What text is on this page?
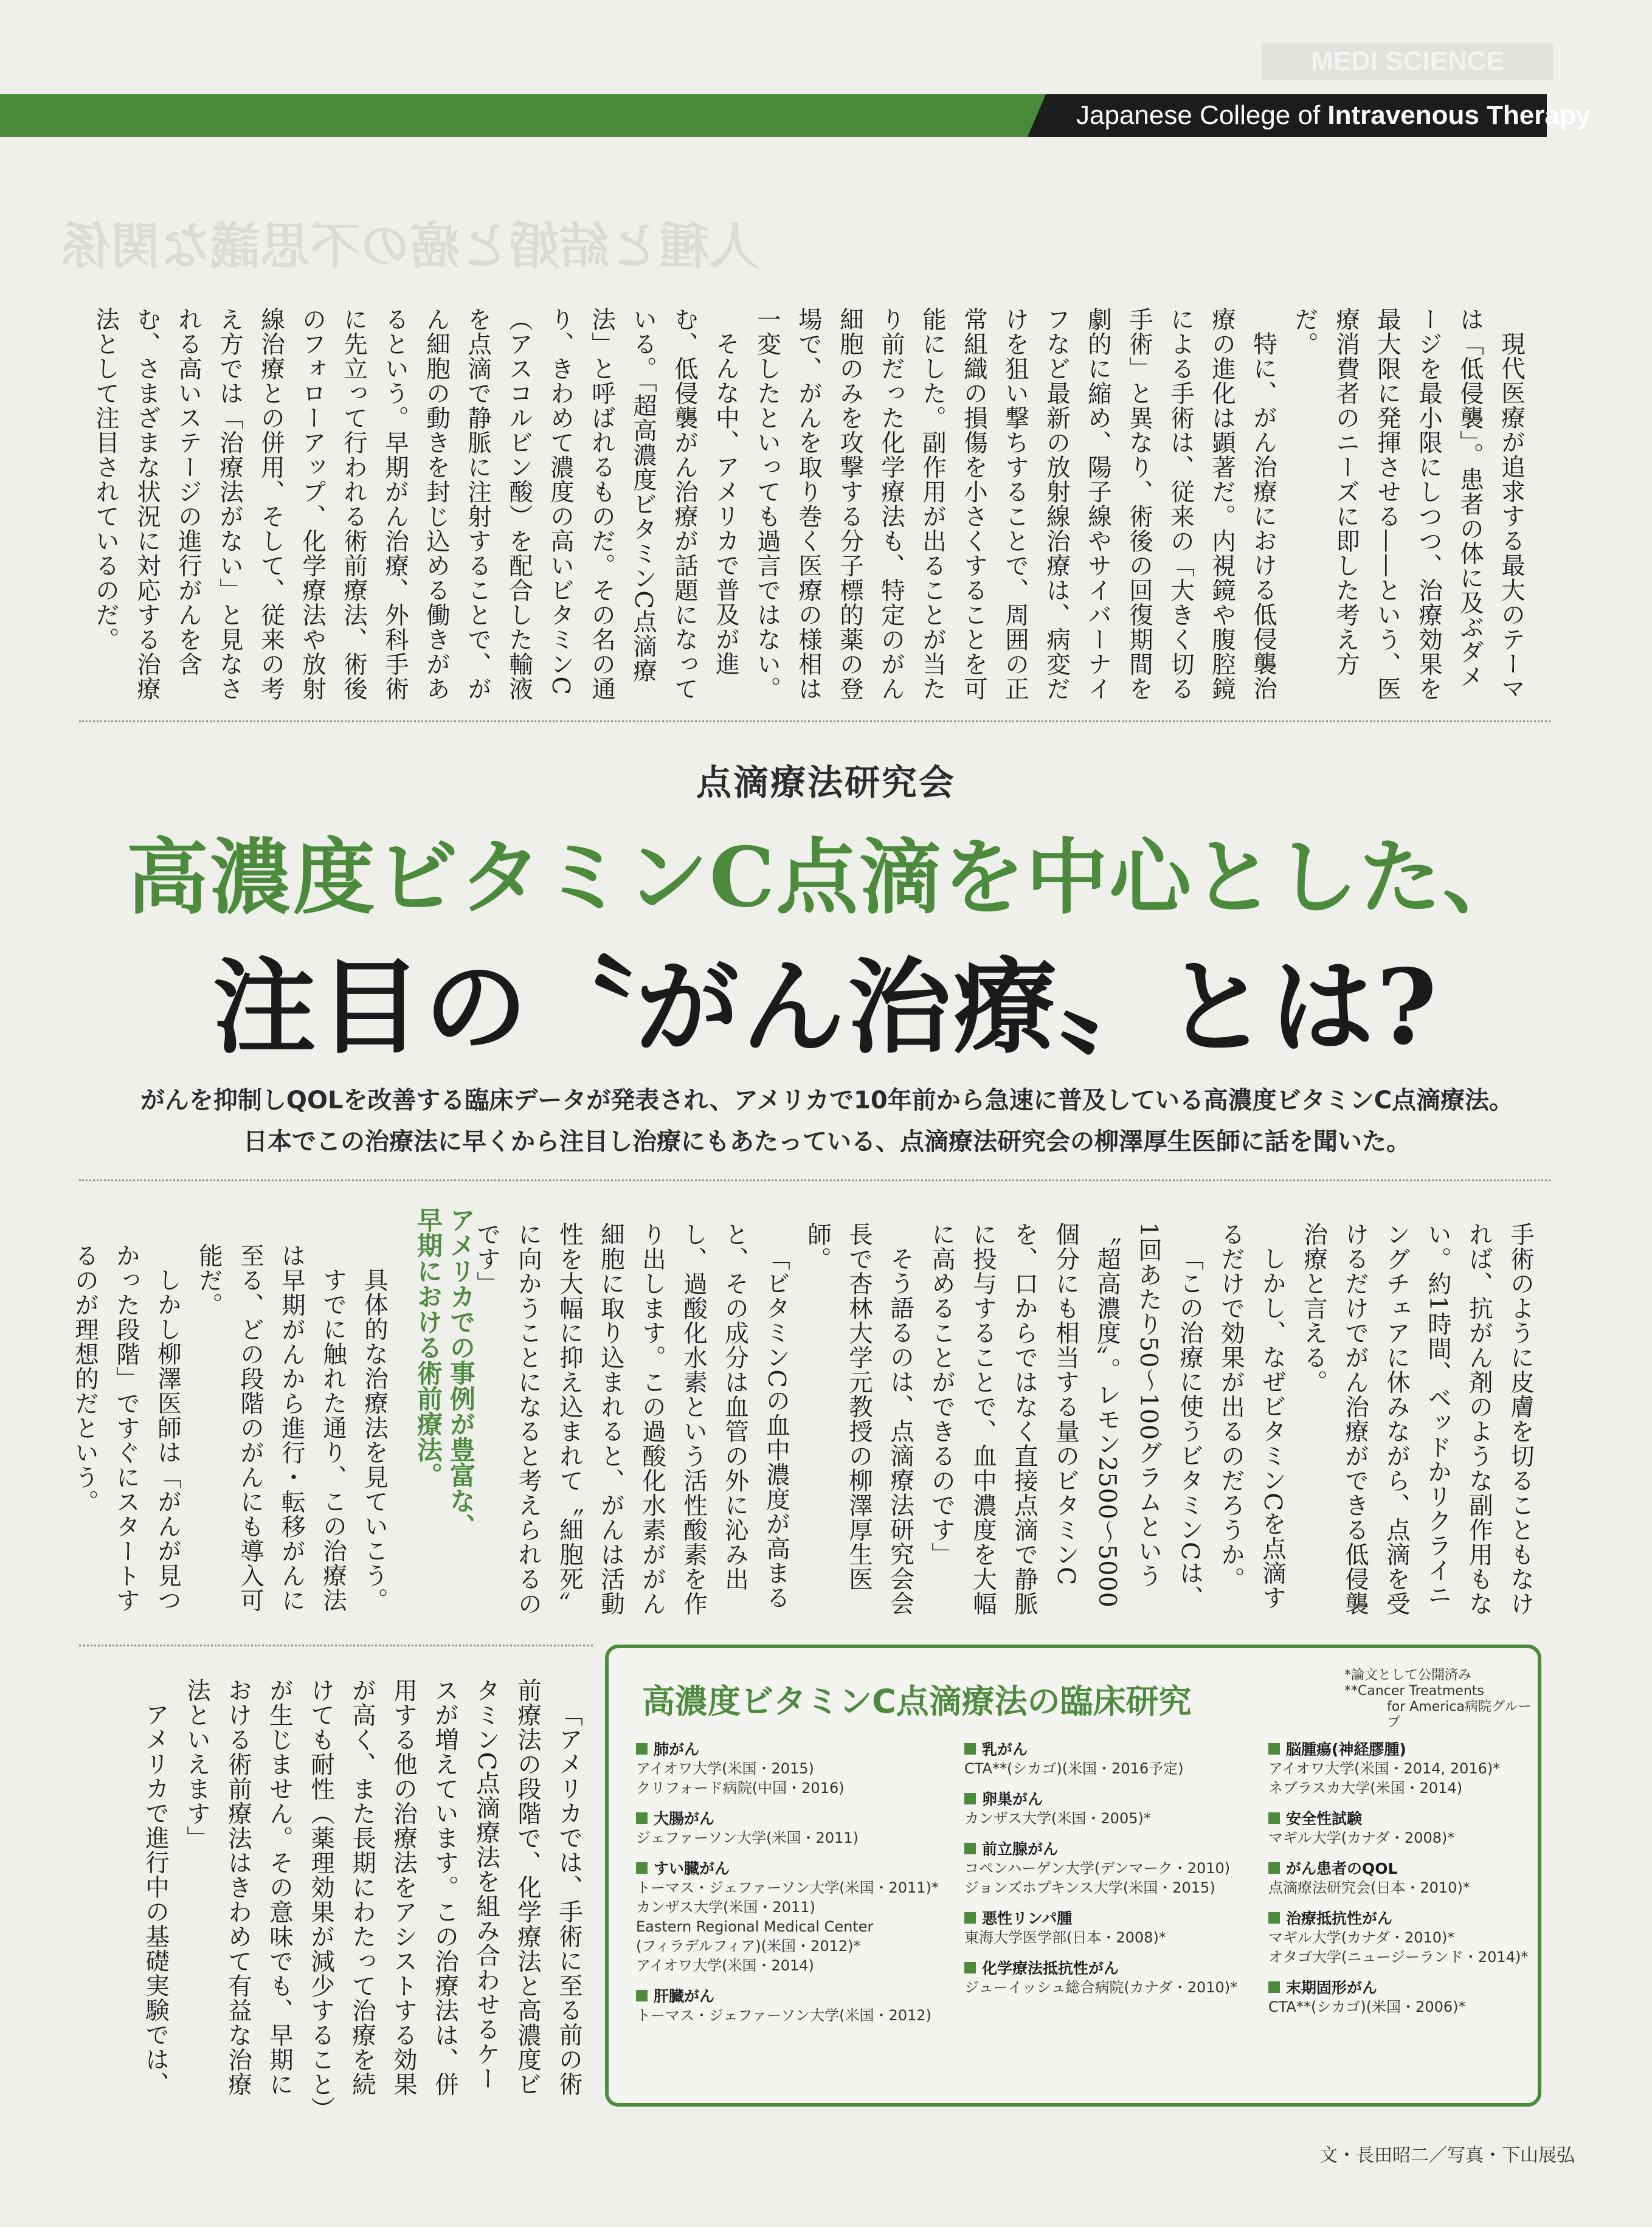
人種と結婚と癌の不思議な関係
MEDI SCIENCE
Japanese College of Intravenous Therapy

現代医療が追求する最大のテーマは「低侵襲」。患者の体に及ぶダメージを最小限にしつつ、治療効果を最大限に発揮させる——という、医療消費者のニーズに即した考え方だ。

特に、がん治療における低侵襲治療の進化は顕著だ。内視鏡や腹腔鏡による手術は、従来の「大きく切る手術」と異なり、術後の回復期間を劇的に縮め、陽子線やサイバーナイフなど最新の放射線治療は、病変だけを狙い撃ちすることで、周囲の正常組織の損傷を小さくすることを可能にした。副作用が出ることが当たり前だった化学療法も、特定のがん細胞のみを攻撃する分子標的薬の登場で、がんを取り巻く医療の様相は一変したといっても過言ではない。

そんな中、アメリカで普及が進む、低侵襲がん治療が話題になっている。「超高濃度ビタミンC点滴療法」と呼ばれるものだ。その名の通り、きわめて濃度の高いビタミンC（アスコルビン酸）を配合した輸液を点滴で静脈に注射することで、がん細胞の動きを封じ込める働きがあるという。早期がん治療、外科手術に先立って行われる術前療法、術後のフォローアップ、化学療法や放射線治療との併用、そして、従来の考え方では「治療法がない」と見なされる高いステージの進行がんを含む、さまざまな状況に対応する治療法として注目されているのだ。

点滴療法研究会
高濃度ビタミンC点滴を中心とした、
注目の〝がん治療〟とは?
がんを抑制しQOLを改善する臨床データが発表され、アメリカで10年前から急速に普及している高濃度ビタミンC点滴療法。
日本でこの治療法に早くから注目し治療にもあたっている、点滴療法研究会の柳澤厚生医師に話を聞いた。

手術のように皮膚を切ることもなければ、抗がん剤のような副作用もない。約1時間、ベッドかリクライニングチェアに休みながら、点滴を受けるだけでがん治療ができる低侵襲治療と言える。

しかし、なぜビタミンCを点滴するだけで効果が出るのだろうか。

「この治療に使うビタミンCは、1回あたり50～100グラムという〝超高濃度〟。レモン2500～5000個分にも相当する量のビタミンCを、口からではなく直接点滴で静脈に投与することで、血中濃度を大幅に高めることができるのです」

そう語るのは、点滴療法研究会会長で杏林大学元教授の柳澤厚生医師。

「ビタミンCの血中濃度が高まると、その成分は血管の外に沁み出し、過酸化水素という活性酸素を作り出します。この過酸化水素ががん細胞に取り込まれると、がんは活動性を大幅に抑え込まれて〝細胞死〟に向かうことになると考えられるのです」

アメリカでの事例が豊富な、
早期における術前療法。

具体的な治療法を見ていこう。

すでに触れた通り、この治療法は早期がんから進行・転移がんに至る、どの段階のがんにも導入可能だ。

しかし柳澤医師は「がんが見つかった段階」ですぐにスタートするのが理想的だという。

「アメリカでは、手術に至る前の術前療法の段階で、化学療法と高濃度ビタミンC点滴療法を組み合わせるケースが増えています。この治療法は、併用する他の治療法をアシストする効果が高く、また長期にわたって治療を続けても耐性（薬理効果が減少すること）が生じません。その意味でも、早期における術前療法はきわめて有益な治療法といえます」

アメリカで進行中の基礎実験では、

高濃度ビタミンC点滴療法の臨床研究
*論文として公開済み
**Cancer Treatments
for America病院グループ
肺がん
アイオワ大学(米国・2015)
クリフォード病院(中国・2016)
大腸がん
ジェファーソン大学(米国・2011)
すい臓がん
トーマス・ジェファーソン大学(米国・2011)*
カンザス大学(米国・2011)
Eastern Regional Medical Center
(フィラデルフィア)(米国・2012)*
アイオワ大学(米国・2014)
肝臓がん
トーマス・ジェファーソン大学(米国・2012)
乳がん
CTA**(シカゴ)(米国・2016予定)
卵巣がん
カンザス大学(米国・2005)*
前立腺がん
コペンハーゲン大学(デンマーク・2010)
ジョンズホプキンス大学(米国・2015)
悪性リンパ腫
東海大学医学部(日本・2008)*
化学療法抵抗性がん
ジューイッシュ総合病院(カナダ・2010)*
脳腫瘍(神経膠腫)
アイオワ大学(米国・2014, 2016)*
ネブラスカ大学(米国・2014)
安全性試験
マギル大学(カナダ・2008)*
がん患者のQOL
点滴療法研究会(日本・2010)*
治療抵抗性がん
マギル大学(カナダ・2010)*
オタゴ大学(ニュージーランド・2014)*
末期固形がん
CTA**(シカゴ)(米国・2006)*
文・長田昭二／写真・下山展弘
